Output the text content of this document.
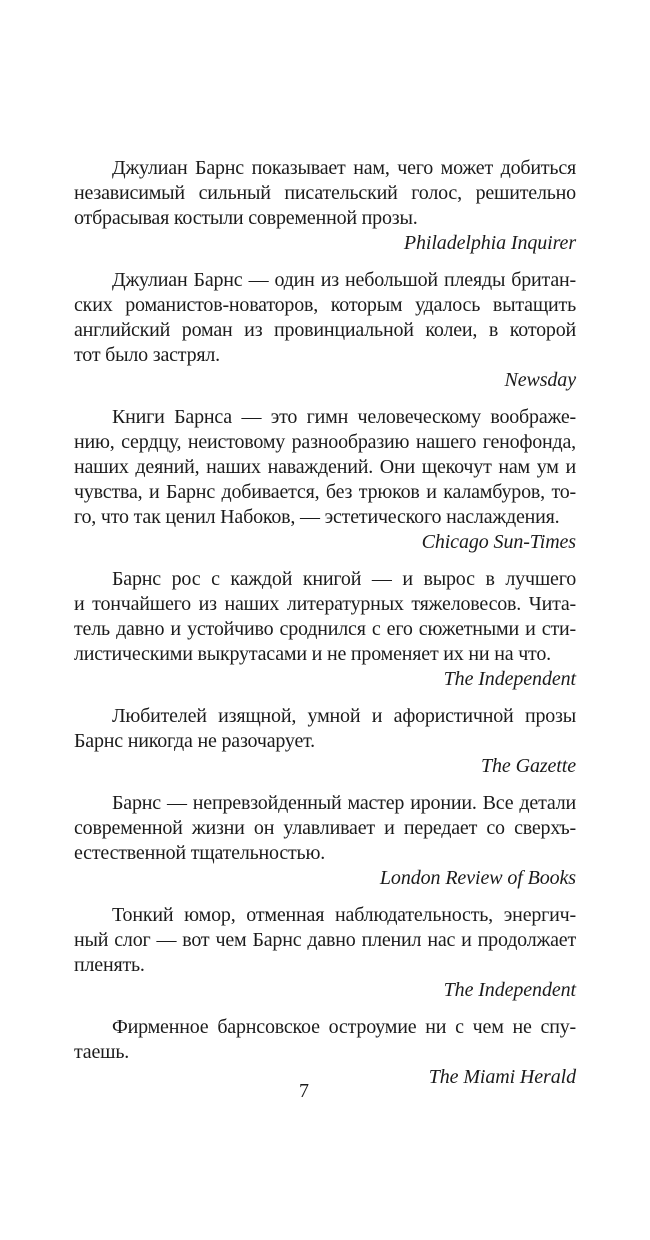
Джулиан Барнс показывает нам, чего может добиться
независимый сильный писательский голос, решительно
отбрасывая костыли современной прозы.
Philadelphia Inquirer
Джулиан Барнс — один из небольшой плеяды британ-
ских романистов-новаторов, которым удалось вытащить
английский роман из провинциальной колеи, в которой
тот было застрял.
Newsday
Книги Барнса — это гимн человеческому воображе-
нию, сердцу, неистовому разнообразию нашего генофонда,
наших деяний, наших наваждений. Они щекочут нам ум и
чувства, и Барнс добивается, без трюков и каламбуров, то-
го, что так ценил Набоков, — эстетического наслаждения.
Chicago Sun-Times
Барнс рос с каждой книгой — и вырос в лучшего
и тончайшего из наших литературных тяжеловесов. Чита-
тель давно и устойчиво сроднился с его сюжетными и сти-
листическими выкрутасами и не променяет их ни на что.
The Independent
Любителей изящной, умной и афористичной прозы
Барнс никогда не разочарует.
The Gazette
Барнс — непревзойденный мастер иронии. Все детали
современной жизни он улавливает и передает со сверхъ-
естественной тщательностью.
London Review of Books
Тонкий юмор, отменная наблюдательность, энергич-
ный слог — вот чем Барнс давно пленил нас и продолжает
пленять.
The Independent
Фирменное барнсовское остроумие ни с чем не спу-
таешь.
The Miami Herald
7
